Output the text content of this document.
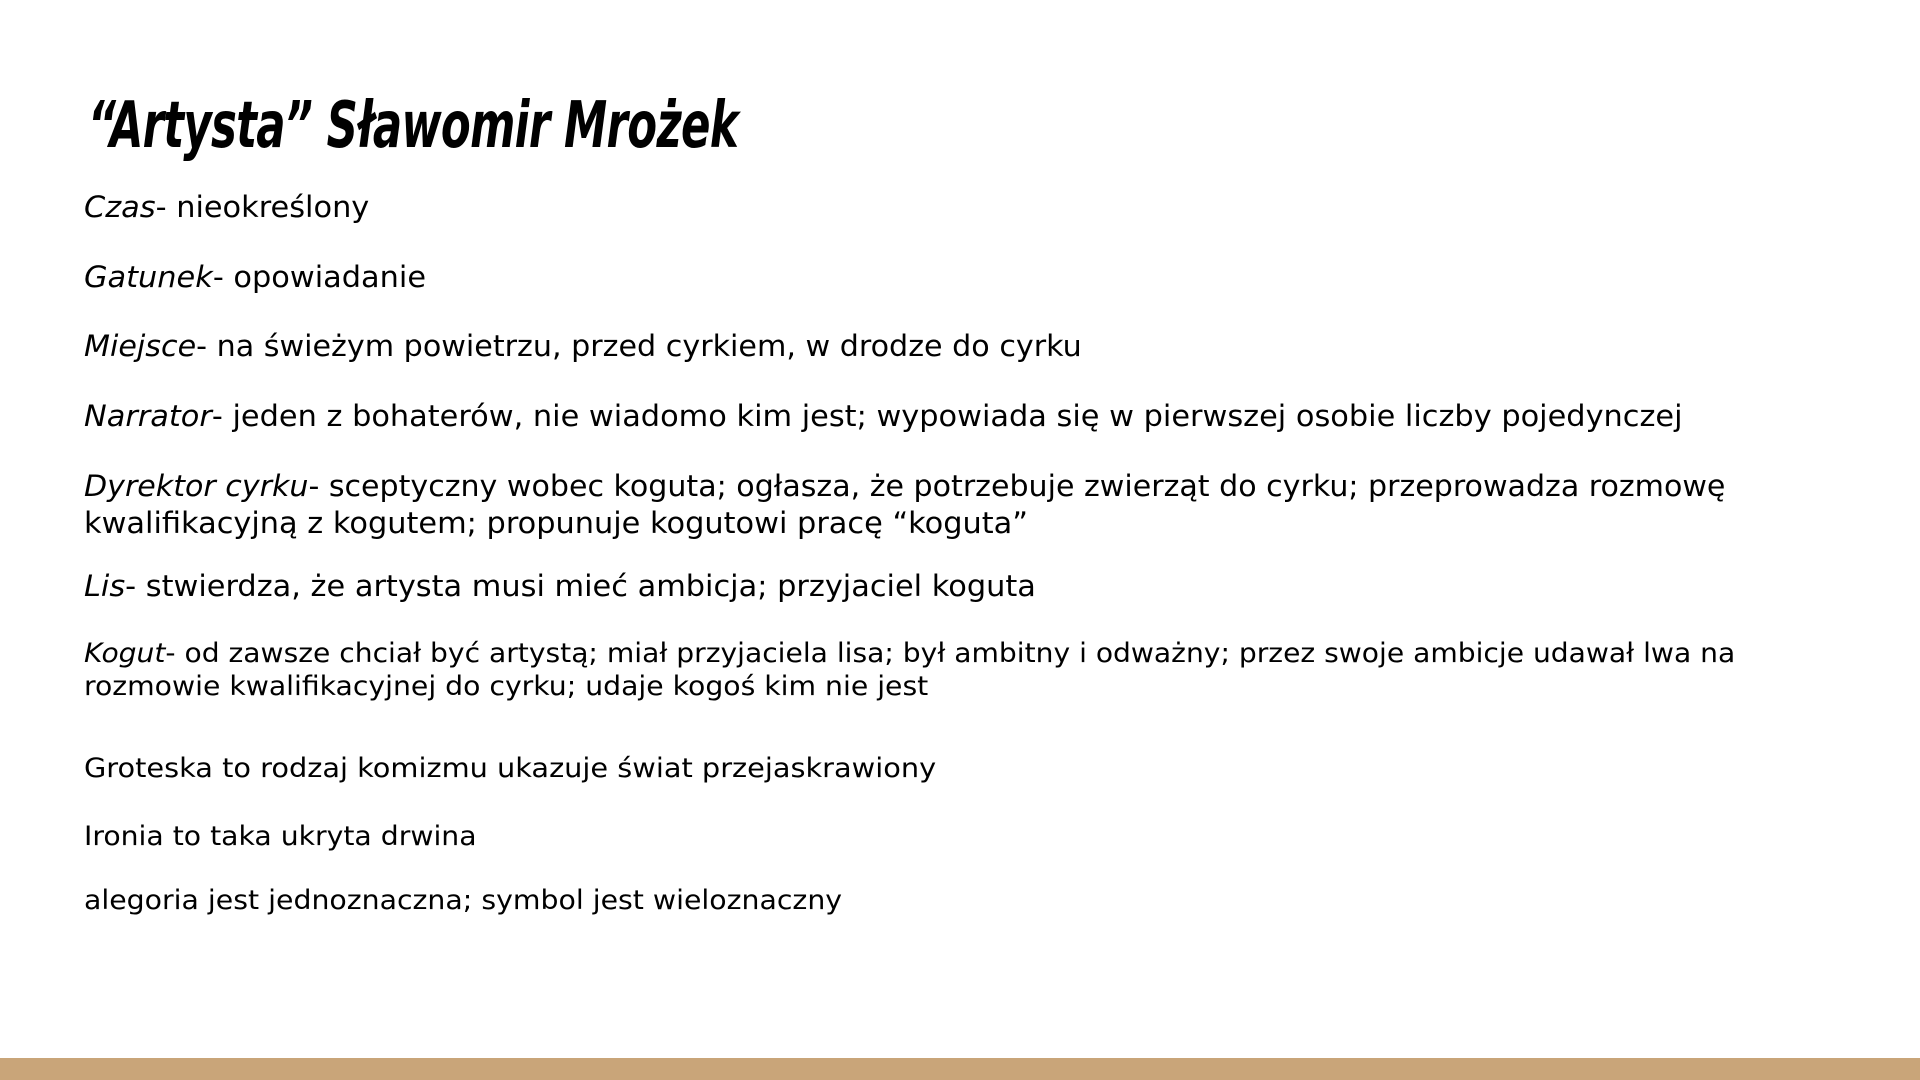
“Artysta” Sławomir Mrożek

Czas- nieokreślony

Gatunek- opowiadanie

Miejsce- na świeżym powietrzu, przed cyrkiem, w drodze do cyrku

Narrator- jeden z bohaterów, nie wiadomo kim jest; wypowiada się w pierwszej osobie liczby pojedynczej

Dyrektor cyrku- sceptyczny wobec koguta; ogłasza, że potrzebuje zwierząt do cyrku; przeprowadza rozmowę

kwalifikacyjną z kogutem; propunuje kogutowi pracę “koguta”

Lis- stwierdza, że artysta musi mieć ambicja; przyjaciel koguta

Kogut- od zawsze chciał być artystą; miał przyjaciela lisa; był ambitny i odważny; przez swoje ambicje udawał lwa na

rozmowie kwalifikacyjnej do cyrku; udaje kogoś kim nie jest

Groteska to rodzaj komizmu ukazuje świat przejaskrawiony

Ironia to taka ukryta drwina

alegoria jest jednoznaczna; symbol jest wieloznaczny
